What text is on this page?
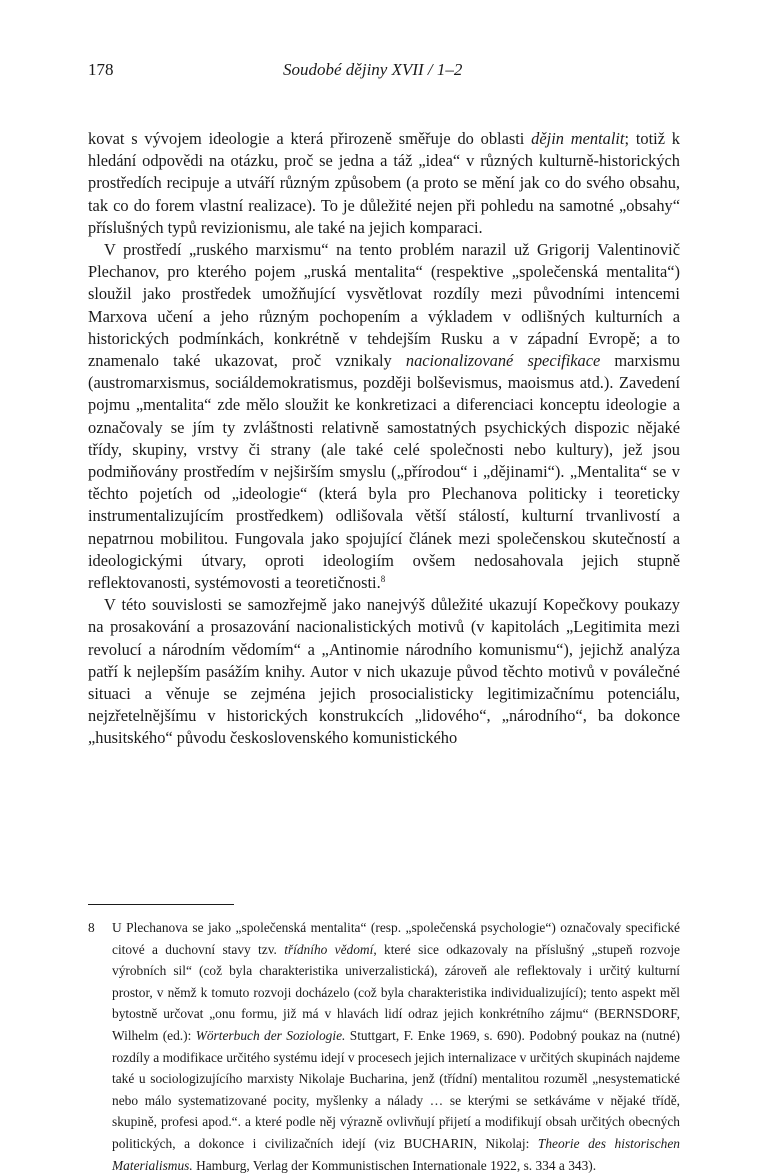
178	Soudobé dějiny XVII / 1–2

kovat s vývojem ideologie a která přirozeně směřuje do oblasti dějin mentalit; totiž k hledání odpovědi na otázku, proč se jedna a táž „idea“ v různých kulturně-historických prostředích recipuje a utváří různým způsobem (a proto se mění jak co do svého obsahu, tak co do forem vlastní realizace). To je důležité nejen při pohledu na samotné „obsahy“ příslušných typů revizionismu, ale také na jejich komparaci.

V prostředí „ruského marxismu“ na tento problém narazil už Grigorij Valentinovič Plechanov, pro kterého pojem „ruská mentalita“ (respektive „společenská mentalita“) sloužil jako prostředek umožňující vysvětlovat rozdíly mezi původními intencemi Marxova učení a jeho různým pochopením a výkladem v odlišných kulturních a historických podmínkách, konkrétně v tehdejším Rusku a v západní Evropě; a to znamenalo také ukazovat, proč vznikaly nacionalizované specifikace marxismu (austromarxismus, sociáldemokratismus, později bolševismus, maoismus atd.). Zavedení pojmu „mentalita“ zde mělo sloužit ke konkretizaci a diferenciaci konceptu ideologie a označovaly se jím ty zvláštnosti relativně samostatných psychických dispozic nějaké třídy, skupiny, vrstvy či strany (ale také celé společnosti nebo kultury), jež jsou podmiňovány prostředím v nejširším smyslu („přírodou“ i „dějinami“). „Mentalita“ se v těchto pojetích od „ideologie“ (která byla pro Plechanova politicky i teoreticky instrumentalizujícím prostředkem) odlišovala větší stálostí, kulturní trvanlivostí a nepatrnou mobilitou. Fungovala jako spojující článek mezi společenskou skutečností a ideologickými útvary, oproti ideologiím ovšem nedosahovala jejich stupně reflektovanosti, systémovosti a teoretičnosti.$^8$

V této souvislosti se samozřejmě jako nanejvýš důležité ukazují Kopečkovy poukazy na prosakování a prosazování nacionalistických motivů (v kapitolách „Legitimita mezi revolucí a národním vědomím“ a „Antinomie národního komunismu“), jejichž analýza patří k nejlepším pasážím knihy. Autor v nich ukazuje původ těchto motivů v poválečné situaci a věnuje se zejména jejich prosocialisticky legitimizačnímu potenciálu, nejzřetelnějšímu v historických konstrukcích „lidového“, „národního“, ba dokonce „husitského“ původu československého komunistického

8 U Plechanova se jako „společenská mentalita“ (resp. „společenská psychologie“) označovaly specifické citové a duchovní stavy tzv. třídního vědomí, které sice odkazovaly na příslušný „stupeň rozvoje výrobních sil“ (což byla charakteristika univerzalistická), zároveň ale reflektovaly i určitý kulturní prostor, v němž k tomuto rozvoji docházelo (což byla charakteristika individualizující); tento aspekt měl bytostně určovat „onu formu, již má v hlavách lidí odraz jejich konkrétního zájmu“ (BERNSDORF, Wilhelm (ed.): Wörterbuch der Soziologie. Stuttgart, F. Enke 1969, s. 690). Podobný poukaz na (nutné) rozdíly a modifikace určitého systému idejí v procesech jejich internalizace v určitých skupinách najdeme také u sociologizujícího marxisty Nikolaje Bucharina, jenž (třídní) mentalitou rozuměl „nesystematické nebo málo systematizované pocity, myšlenky a nálady … se kterými se setkáváme v nějaké třídě, skupině, profesi apod.“. a které podle něj výrazně ovlivňují přijetí a modifikují obsah určitých obecných politických, a dokonce i civilizačních idejí (viz BUCHARIN, Nikolaj: Theorie des historischen Materialismus. Hamburg, Verlag der Kommunistischen Internationale 1922, s. 334 a 343).
